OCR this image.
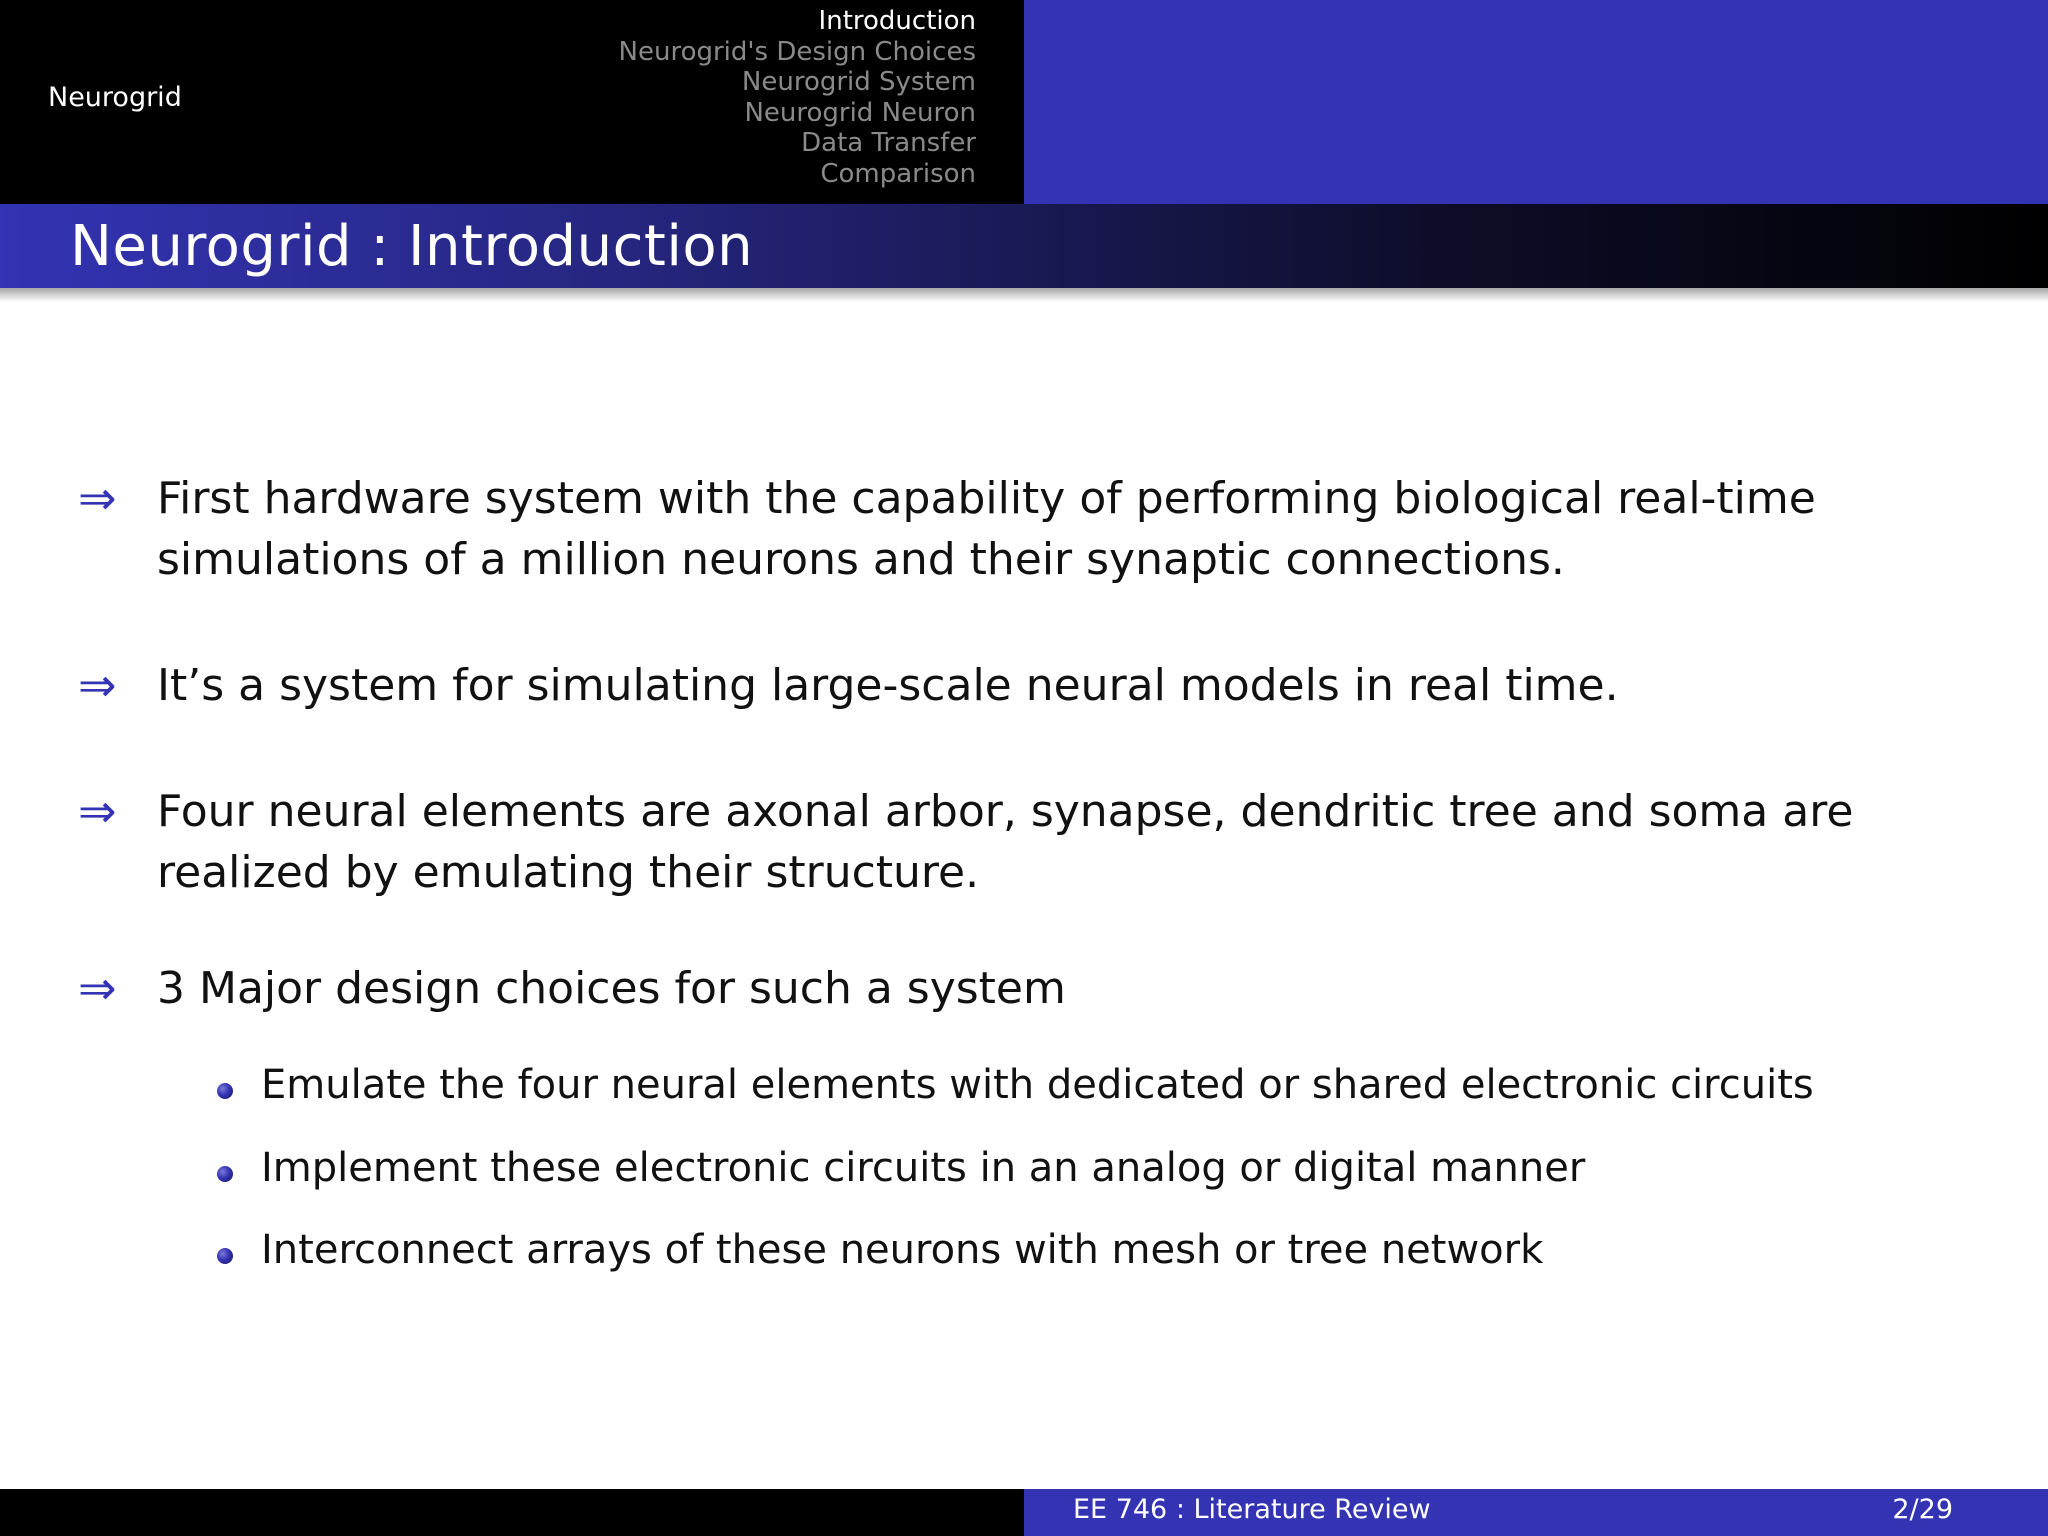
Introduction
Neurogrid's Design Choices
Neurogrid System
Neurogrid Neuron
Data Transfer
Comparison
Neurogrid
Neurogrid : Introduction
⇒ First hardware system with the capability of performing biological real-time simulations of a million neurons and their synaptic connections.
⇒ It’s a system for simulating large-scale neural models in real time.
⇒ Four neural elements are axonal arbor, synapse, dendritic tree and soma are realized by emulating their structure.
⇒ 3 Major design choices for such a system
Emulate the four neural elements with dedicated or shared electronic circuits
Implement these electronic circuits in an analog or digital manner
Interconnect arrays of these neurons with mesh or tree network
EE 746 : Literature Review	2/29
